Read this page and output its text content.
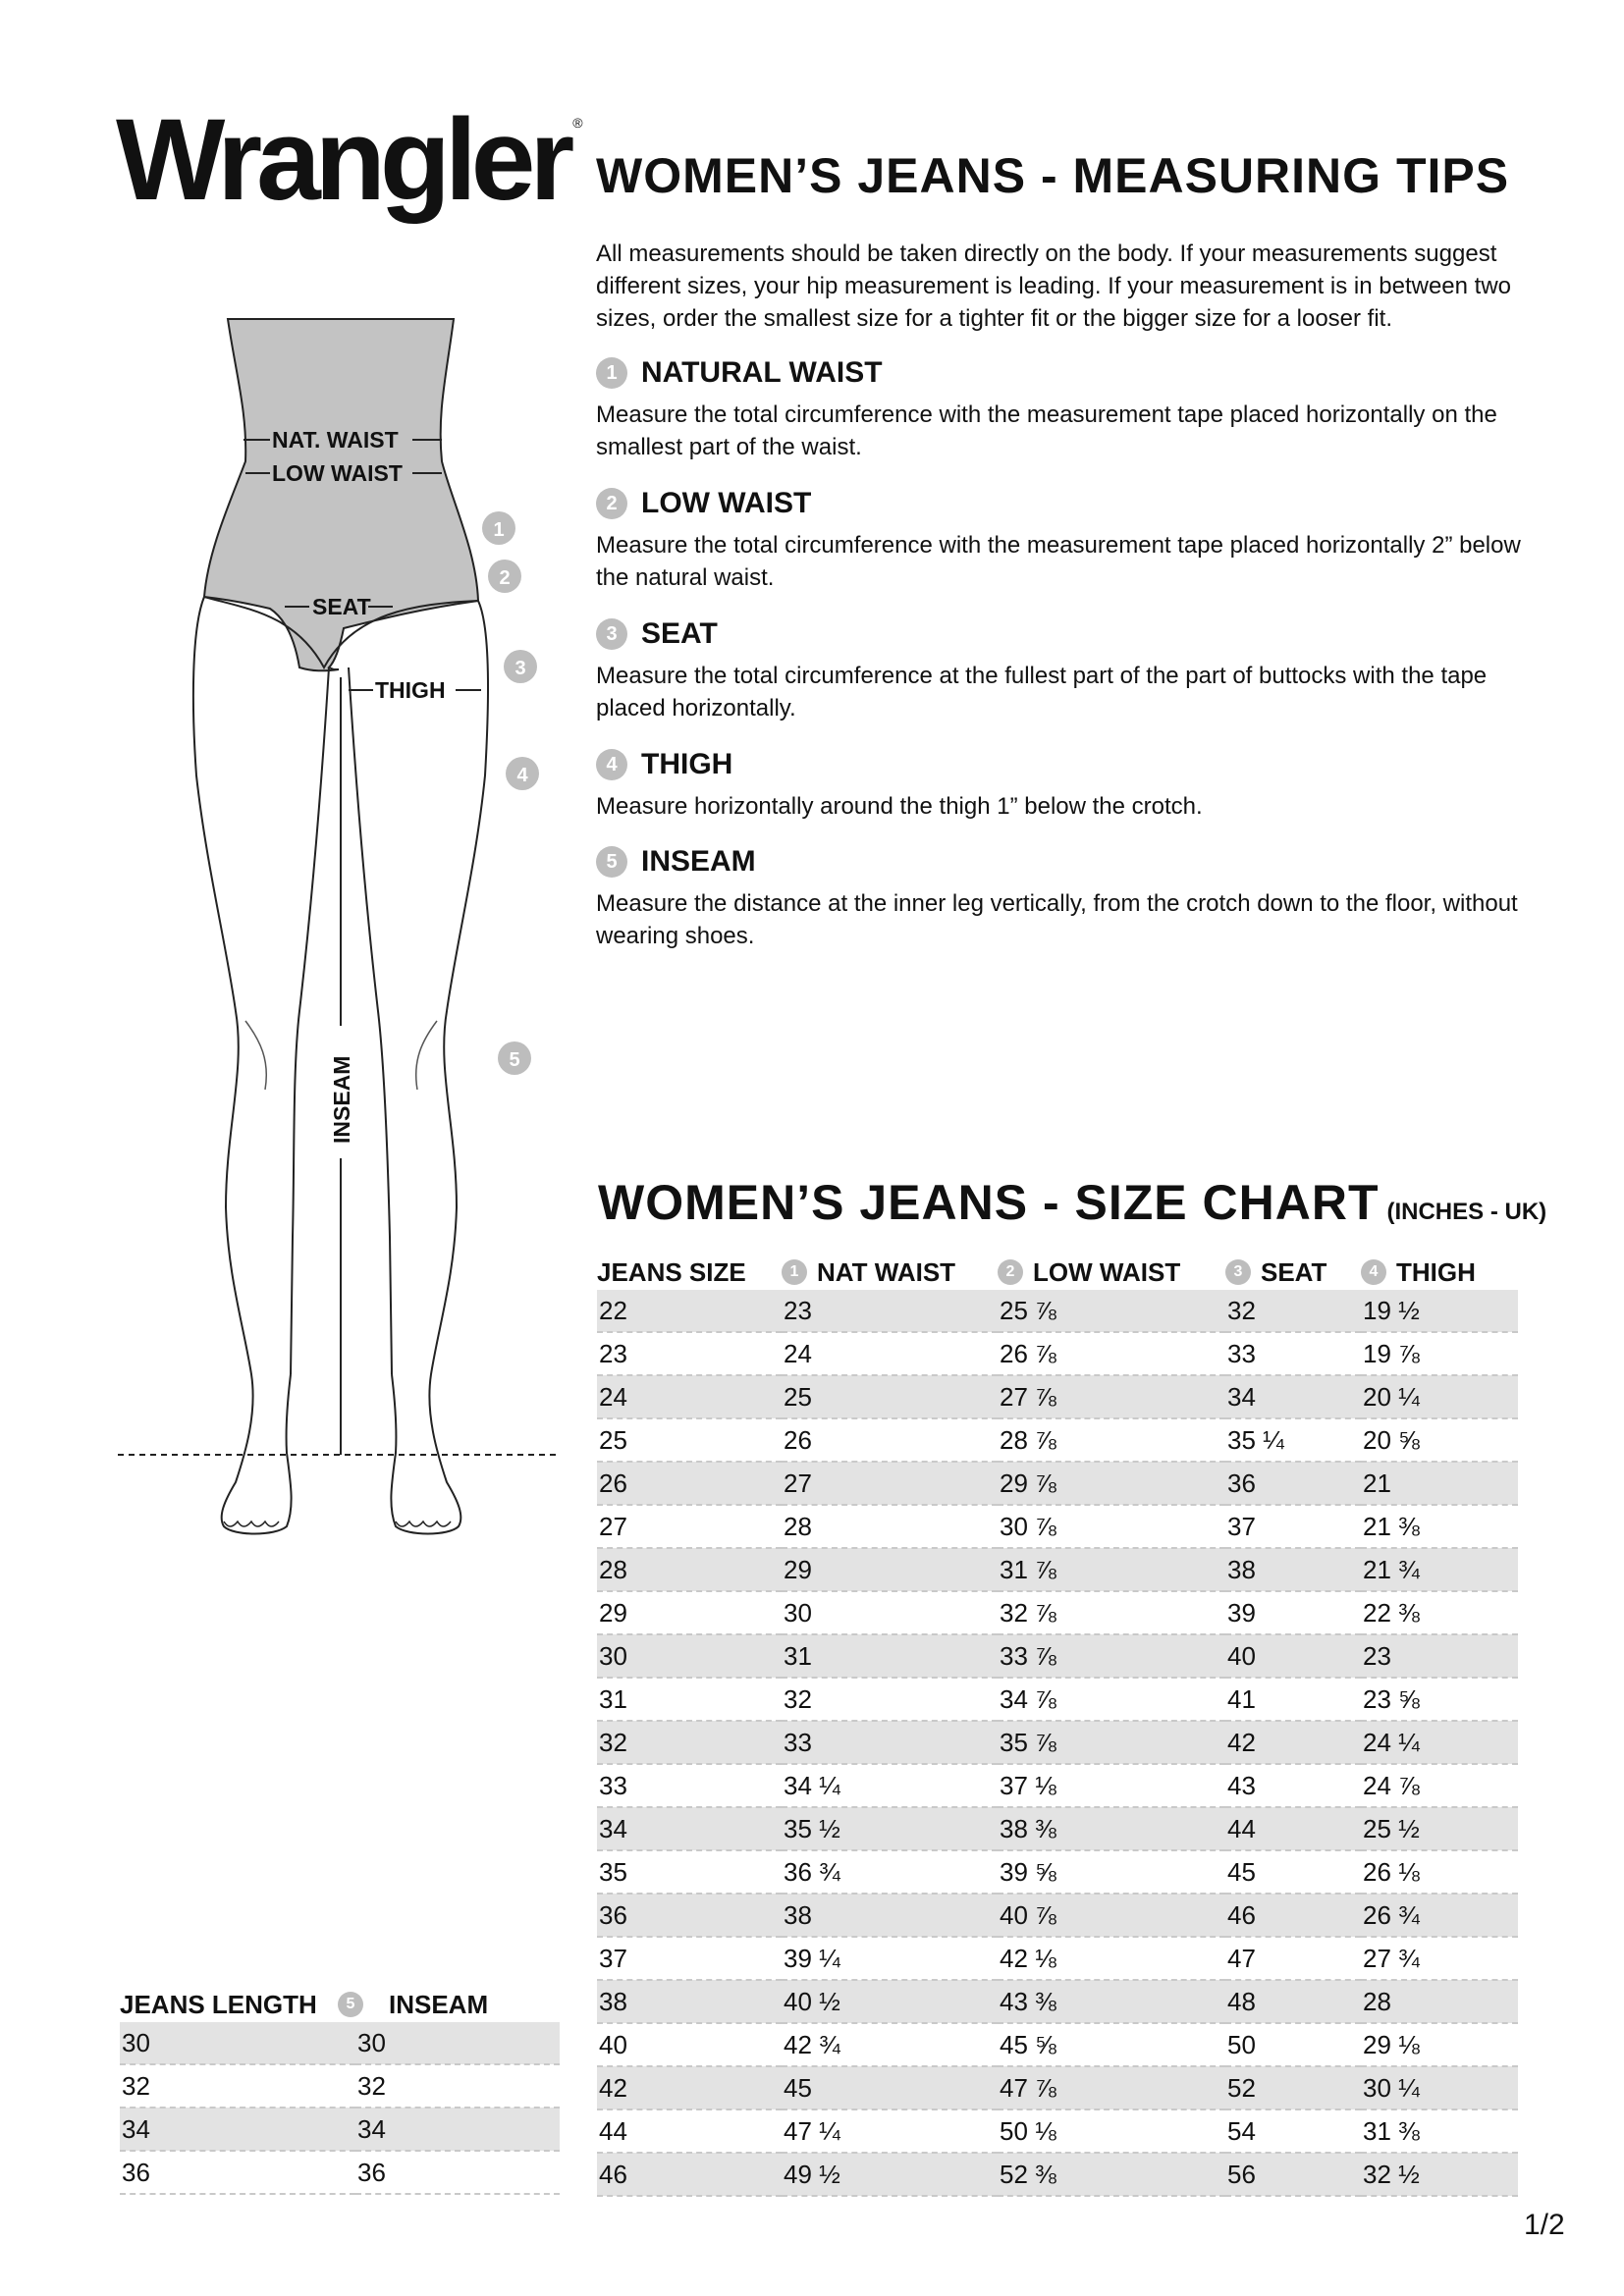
Wrangler ®
NAT. WAIST
LOW WAIST
SEAT
THIGH
INSEAM
1
2
3
4
5
WOMEN’S JEANS - MEASURING TIPS
All measurements should be taken directly on the body. If your measurements suggest different sizes, your hip measurement is leading. If your measurement is in between two sizes, order the smallest size for a tighter fit or the bigger size for a looser fit.
1 NATURAL WAIST
Measure the total circumference with the measurement tape placed horizontally on the smallest part of the waist.
2 LOW WAIST
Measure the total circumference with the measurement tape placed horizontally 2” below the natural waist.
3 SEAT
Measure the total circumference at the fullest part of the part of buttocks with the tape placed horizontally.
4 THIGH
Measure horizontally around the thigh 1” below the crotch.
5 INSEAM
Measure the distance at the inner leg vertically, from the crotch down to the floor, without wearing shoes.
WOMEN’S JEANS - SIZE CHART (INCHES - UK)
JEANS SIZE	1 NAT WAIST	2 LOW WAIST	3 SEAT	4 THIGH

22	23	25 ⅞	32	19 ½
23	24	26 ⅞	33	19 ⅞
24	25	27 ⅞	34	20 ¼
25	26	28 ⅞	35 ¼	20 ⅝
26	27	29 ⅞	36	21
27	28	30 ⅞	37	21 ⅜
28	29	31 ⅞	38	21 ¾
29	30	32 ⅞	39	22 ⅜
30	31	33 ⅞	40	23
31	32	34 ⅞	41	23 ⅝
32	33	35 ⅞	42	24 ¼
33	34 ¼	37 ⅛	43	24 ⅞
34	35 ½	38 ⅜	44	25 ½
35	36 ¾	39 ⅝	45	26 ⅛
36	38	40 ⅞	46	26 ¾
37	39 ¼	42 ⅛	47	27 ¾
38	40 ½	43 ⅜	48	28
40	42 ¾	45 ⅝	50	29 ⅛
42	45	47 ⅞	52	30 ¼
44	47 ¼	50 ⅛	54	31 ⅜
46	49 ½	52 ⅜	56	32 ½
JEANS LENGTH	5 INSEAM

30	30
32	32
34	34
36	36
1/2
